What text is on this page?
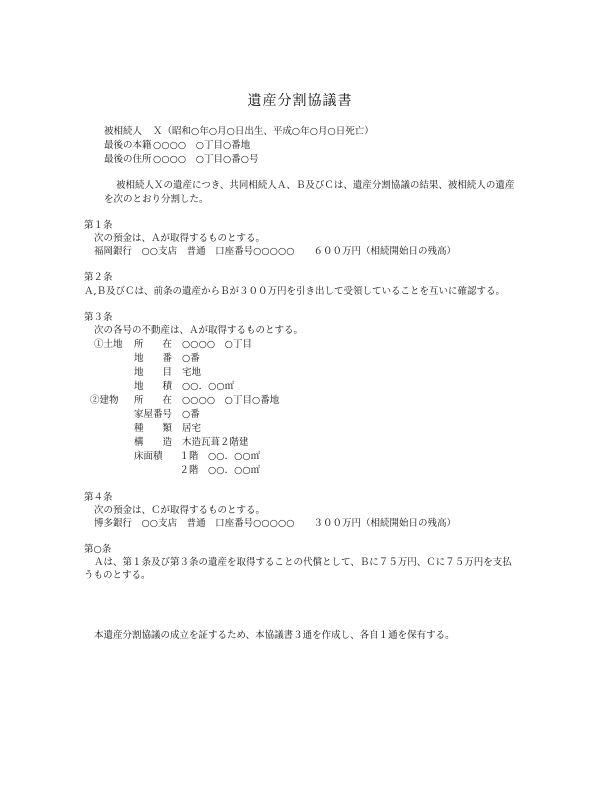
遺産分割協議書
被相続人 Ｘ（昭和○年○月○日出生、平成○年○月○日死亡）
最後の本籍 ○○○○　○丁目○番地
最後の住所 ○○○○　○丁目○番○号
被相続人Ｘの遺産につき、共同相続人Ａ、Ｂ及びＣは、遺産分割協議の結果、被相続人の遺産
を次のとおり分割した。
第１条
次の預金は、Ａが取得するものとする。
福岡銀行　○○支店　普通　口座番号○○○○○　　６００万円（相続開始日の残高）
第２条
Ａ,Ｂ及びＣは、前条の遺産からＢが３００万円を引き出して受領していることを互いに確認する。
第３条
次の各号の不動産は、Ａが取得するものとする。
①土地 所　　在 ○○○○　○丁目
地　　番 ○番
地　　目 宅地
地　　積 ○○．○○㎡
②建物 所　　在 ○○○○　○丁目○番地
家屋番号 ○番
種　　類 居宅
構　　造 木造瓦葺２階建
床面積 　１階　○○．○○㎡
　２階　○○．○○㎡
第４条
次の預金は、Ｃが取得するものとする。
博多銀行　○○支店　普通　口座番号○○○○○　　３００万円（相続開始日の残高）
第○条
Ａは、第１条及び第３条の遺産を取得することの代償として、Ｂに７５万円、Ｃに７５万円を支払
うものとする。
本遺産分割協議の成立を証するため、本協議書３通を作成し、各自１通を保有する。
